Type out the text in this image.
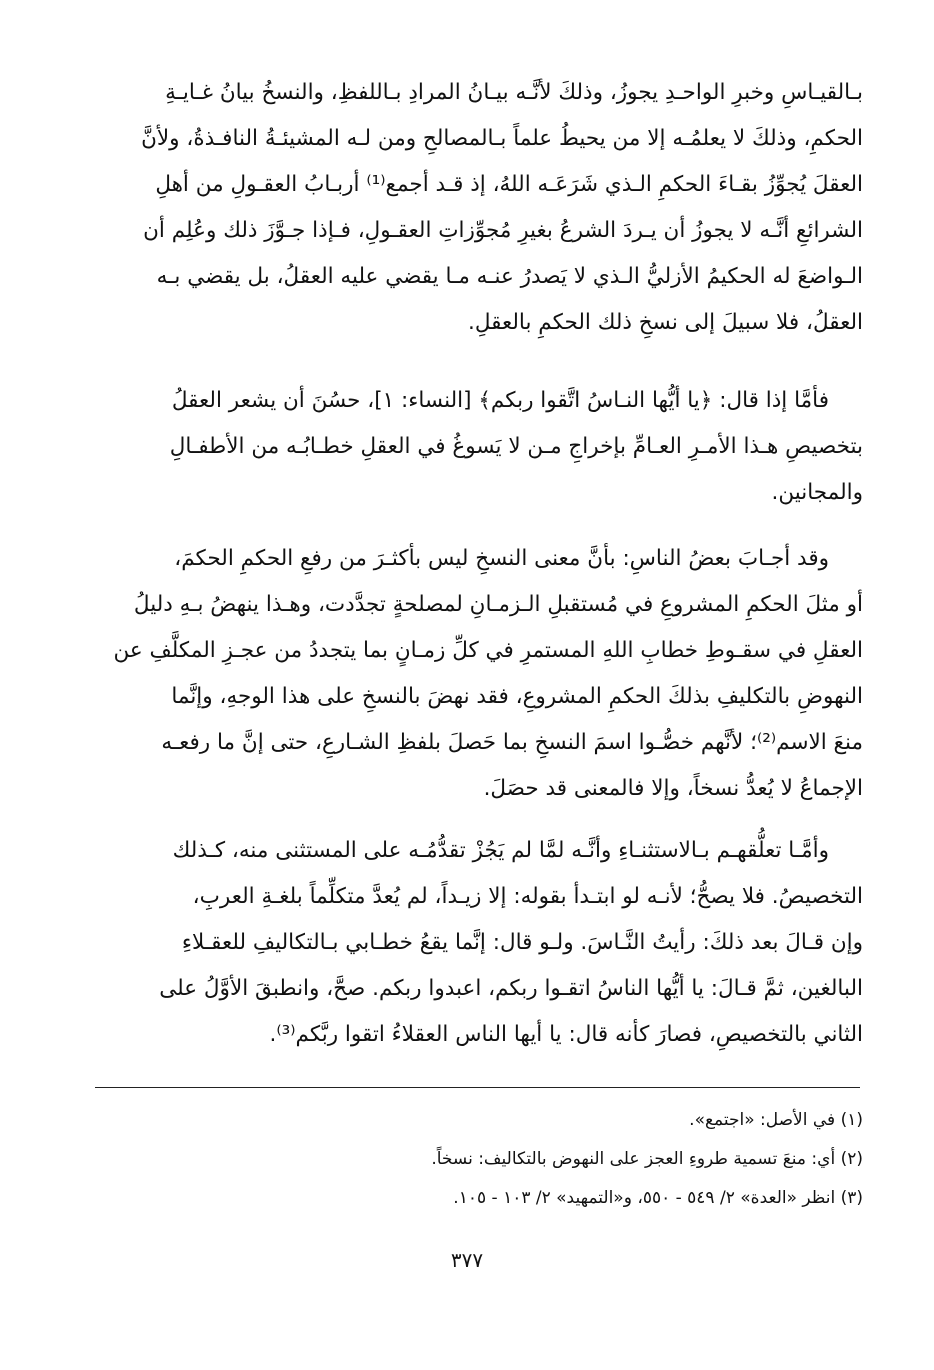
بـالقيـاسِ وخبرِ الواحـدِ يجوزُ، وذلكَ لأنَّـه بيـانُ المرادِ بـاللفظِ، والنسخُ بيانُ غـايـةِ
الحكمِ، وذلكَ لا يعلمُـه إلا من يحيطُ علماً بـالمصالحِ ومن لـه المشيئـةُ النافـذةُ، ولأنَّ
العقلَ يُجوِّزُ بقـاءَ الحكمِ الـذي شَرَعَـه اللهُ، إذ قـد أجمع⁽¹⁾ أربـابُ العقـولِ من أهلِ
الشرائعِ أنَّـه لا يجوزُ أن يـردَ الشرعُ بغيرِ مُجوِّزاتِ العقـولِ، فـإذا جـوَّزَ ذلك وعُلِم أن
الـواضعَ له الحكيمُ الأزليُّ الـذي لا يَصدرُ عنـه مـا يقضي عليه العقلُ، بل يقضي بـه
العقلُ، فلا سبيلَ إلى نسخِ ذلك الحكمِ بالعقلِ.
فأمَّا إذا قال: ﴿يا أيُّها النـاسُ اتَّقوا ربكم﴾ [النساء: ١]، حسُنَ أن يشعر العقلُ
بتخصيصِ هـذا الأمـرِ العـامِّ بإخراجِ مـن لا يَسوغُ في العقلِ خطـابُـه من الأطفـالِ
والمجانين.
وقد أجـابَ بعضُ الناسِ: بأنَّ معنى النسخِ ليس بأكثـرَ من رفعِ الحكمِ الحكمَ،
أو مثلَ الحكمِ المشروعِ في مُستقبلِ الـزمـانِ لمصلحةٍ تجدَّدت، وهـذا ينهضُ بـهِ دليلُ
العقلِ في سقـوطِ خطابِ اللهِ المستمرِ في كلِّ زمـانٍ بما يتجددُ من عجـزِ المكلَّفِ عن
النهوضِ بالتكليفِ بذلكَ الحكمِ المشروعِ، فقد نهضَ بالنسخِ على هذا الوجهِ، وإنَّما
منعَ الاسم⁽²⁾؛ لأنَّهم خصُّـوا اسمَ النسخِ بما حَصلَ بلفظِ الشـارعِ، حتى إنَّ ما رفعـه
الإجماعُ لا يُعدُّ نسخاً، وإلا فالمعنى قد حصَلَ.
وأمَّـا تعلُّقهـم بـالاستثنـاءِ وأنَّـه لمَّا لم يَجُزْ تقدُّمُـه على المستثنى منه، كـذلك
التخصيصُ. فلا يصحُّ؛ لأنـه لو ابتـدأ بقوله: إلا زيـداً، لم يُعدَّ متكلِّماً بلغـةِ العربِ،
وإن قـالَ بعد ذلكَ: رأيتُ النَّـاسَ. ولـو قال: إنَّما يقعُ خطـابي بـالتكاليفِ للعقـلاءِ
البالغين، ثمَّ قـالَ: يا أيُّها الناسُ اتقـوا ربكم، اعبدوا ربكم. صحَّ، وانطبقَ الأوَّلُ على
الثاني بالتخصيصِ، فصارَ كأنه قال: يا أيها الناس العقلاءُ اتقوا ربَّكم⁽³⁾.
(١) في الأصل: «اجتمع».
(٢) أي: منعَ تسمية طروءِ العجز على النهوض بالتكاليف: نسخاً.
(٣) انظر «العدة» ٢/ ٥٤٩ - ٥٥٠، و«التمهيد» ٢/ ١٠٣ - ١٠٥.
٣٧٧
